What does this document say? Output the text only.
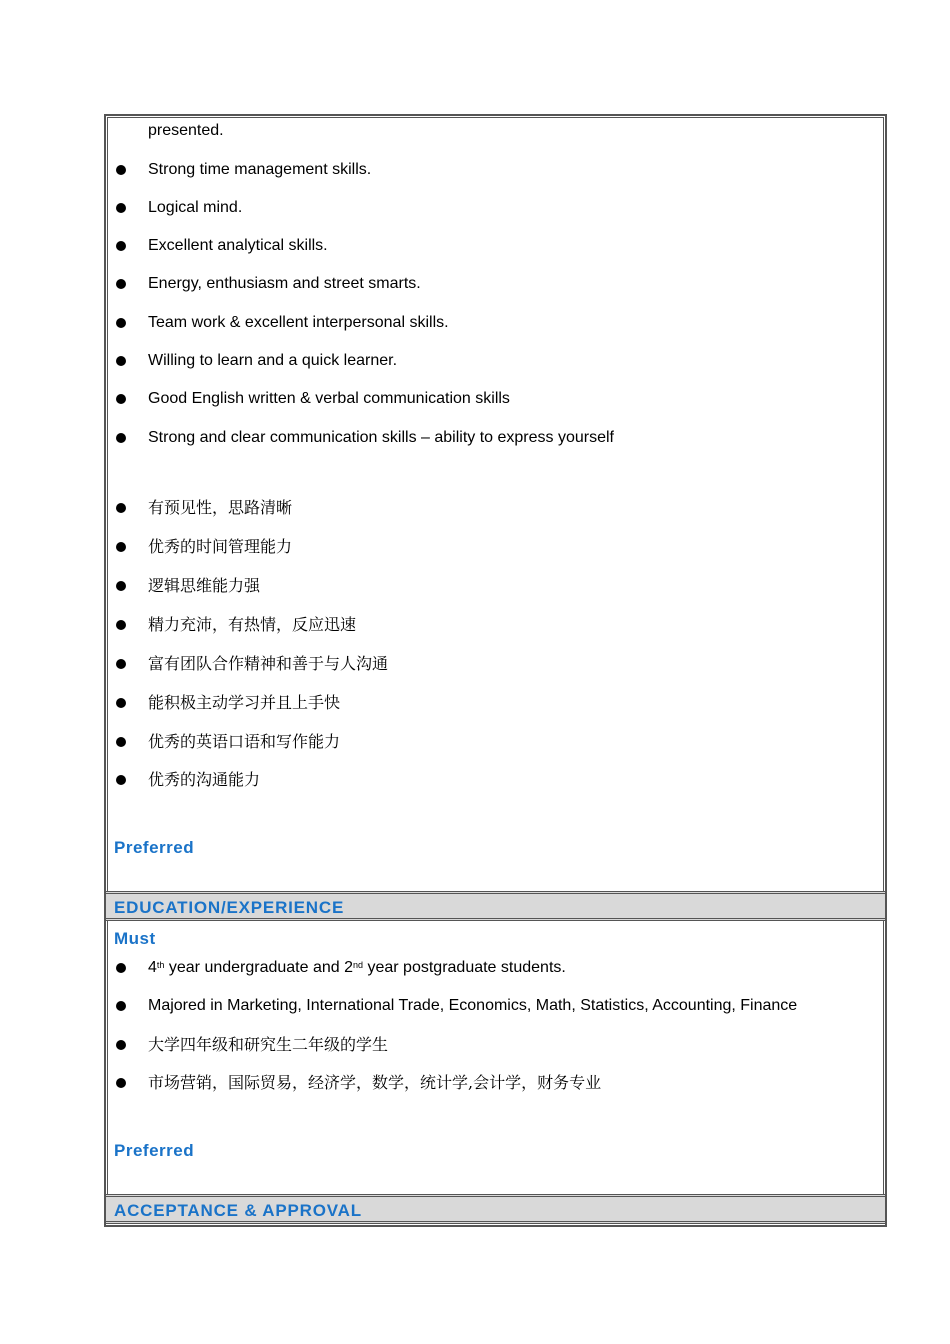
presented.
Strong time management skills.
Logical mind.
Excellent analytical skills.
Energy, enthusiasm and street smarts.
Team work & excellent interpersonal skills.
Willing to learn and a quick learner.
Good English written & verbal communication skills
Strong and clear communication skills – ability to express yourself
有预见性，思路清晰
优秀的时间管理能力
逻辑思维能力强
精力充沛，有热情，反应迅速
富有团队合作精神和善于与人沟通
能积极主动学习并且上手快
优秀的英语口语和写作能力
优秀的沟通能力
Preferred
EDUCATION/EXPERIENCE
Must
4th year undergraduate and 2nd year postgraduate students.
Majored in Marketing, International Trade, Economics, Math, Statistics, Accounting, Finance
大学四年级和研究生二年级的学生
市场营销，国际贸易，经济学，数学，统计学,会计学，财务专业
Preferred
ACCEPTANCE & APPROVAL
